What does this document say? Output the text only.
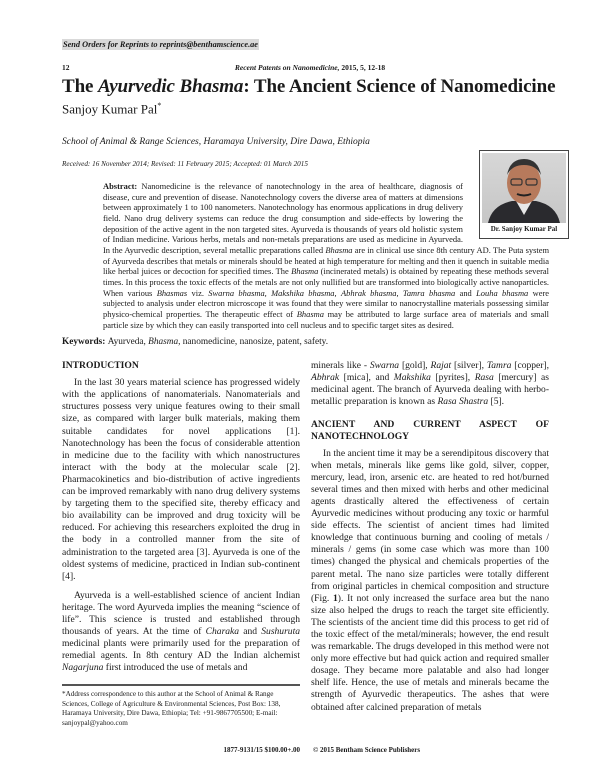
Send Orders for Reprints to reprints@benthamscience.ae
12	Recent Patents on Nanomedicine, 2015, 5, 12-18
The Ayurvedic Bhasma: The Ancient Science of Nanomedicine
Sanjoy Kumar Pal*
School of Animal & Range Sciences, Haramaya University, Dire Dawa, Ethiopia
Received: 16 November 2014; Revised: 11 February 2015; Accepted: 01 March 2015
Dr. Sanjoy Kumar Pal
Abstract: Nanomedicine is the relevance of nanotechnology in the area of healthcare, diagnosis of disease, cure and prevention of disease. Nanotechnology covers the diverse area of matters at dimensions between approximately 1 to 100 nanometers. Nanotechnology has enormous applications in drug delivery field. Nano drug delivery systems can reduce the drug consumption and side-effects by lowering the deposition of the active agent in the non targeted sites. Ayurveda is thousands of years old holistic system of Indian medicine. Various herbs, metals and non-metals preparations are used as medicine in Ayurveda. In the Ayurvedic description, several metallic preparations called Bhasma are in clinical use since 8th century AD. The Puta system of Ayurveda describes that metals or minerals should be heated at high temperature for melting and then it quench in suitable media like herbal juices or decoction for specified times. The Bhasma (incinerated metals) is obtained by repeating these methods several times. In this process the toxic effects of the metals are not only nullified but are transformed into biologically active nanoparticles. When various Bhasmas viz. Swarna bhasma, Makshika bhasma, Abhrak bhasma, Tamra bhasma and Louha bhasma were subjected to analysis under electron microscope it was found that they were similar to nanocrystalline materials possessing similar physico-chemical properties. The therapeutic effect of Bhasma may be attributed to large surface area of materials and small particle size by which they can easily transported into cell nucleus and to specific target sites as desired.
Keywords: Ayurveda, Bhasma, nanomedicine, nanosize, patent, safety.
INTRODUCTION

In the last 30 years material science has progressed widely with the applications of nanomaterials. Nanomaterials and structures possess very unique features owing to their small size, as compared with larger bulk materials, making them suitable candidates for novel applications [1]. Nanotechnology has been the focus of considerable attention in medicine due to the facility with which nanostructures interact with the body at the molecular scale [2]. Pharmacokinetics and bio-distribution of active ingredients can be improved remarkably with nano drug delivery systems by targeting them to the specified site, thereby efficacy and bio availability can be improved and drug toxicity will be reduced. For achieving this researchers exploited the drug in the body in a controlled manner from the site of administration to the targeted area [3]. Ayurveda is one of the oldest systems of medicine, practiced in Indian sub-continent [4].

Ayurveda is a well-established science of ancient Indian heritage. The word Ayurveda implies the meaning “science of life”. This science is trusted and established through thousands of years. At the time of Charaka and Sushuruta medicinal plants were primarily used for the preparation of remedial agents. In 8th century AD the Indian alchemist Nagarjuna first introduced the use of metals and

*Address correspondence to this author at the School of Animal & Range Sciences, College of Agriculture & Environmental Sciences, Post Box: 138, Haramaya University, Dire Dawa, Ethiopia; Tel: +91-9867705500; E-mail: sanjoypal@yahoo.com

minerals like - Swarna [gold], Rajat [silver], Tamra [copper], Abhrak [mica], and Makshika [pyrites], Rasa [mercury] as medicinal agent. The branch of Ayurveda dealing with herbo-metallic preparation is known as Rasa Shastra [5].

ANCIENT AND CURRENT ASPECT OF NANOTECHNOLOGY

In the ancient time it may be a serendipitous discovery that when metals, minerals like gems like gold, silver, copper, mercury, lead, iron, arsenic etc. are heated to red hot/burned several times and then mixed with herbs and other medicinal agents drastically altered the effectiveness of certain Ayurvedic medicines without producing any toxic or harmful side effects. The scientist of ancient times had limited knowledge that continuous burning and cooling of metals / minerals / gems (in some case which was more than 100 times) changed the physical and chemicals properties of the parent metal. The nano size particles were totally different from original particles in chemical composition and structure (Fig. 1). It not only increased the surface area but the nano size also helped the drugs to reach the target site efficiently. The scientists of the ancient time did this process to get rid of the toxic effect of the metal/minerals; however, the end result was remarkable. The drugs developed in this method were not only more effective but had quick action and required smaller dosage. They became more palatable and also had longer shelf life. Hence, the use of metals and minerals became the strength of Ayurvedic therapeutics. The ashes that were obtained after calcined preparation of metals

1877-9131/15 $100.00+.00 © 2015 Bentham Science Publishers
